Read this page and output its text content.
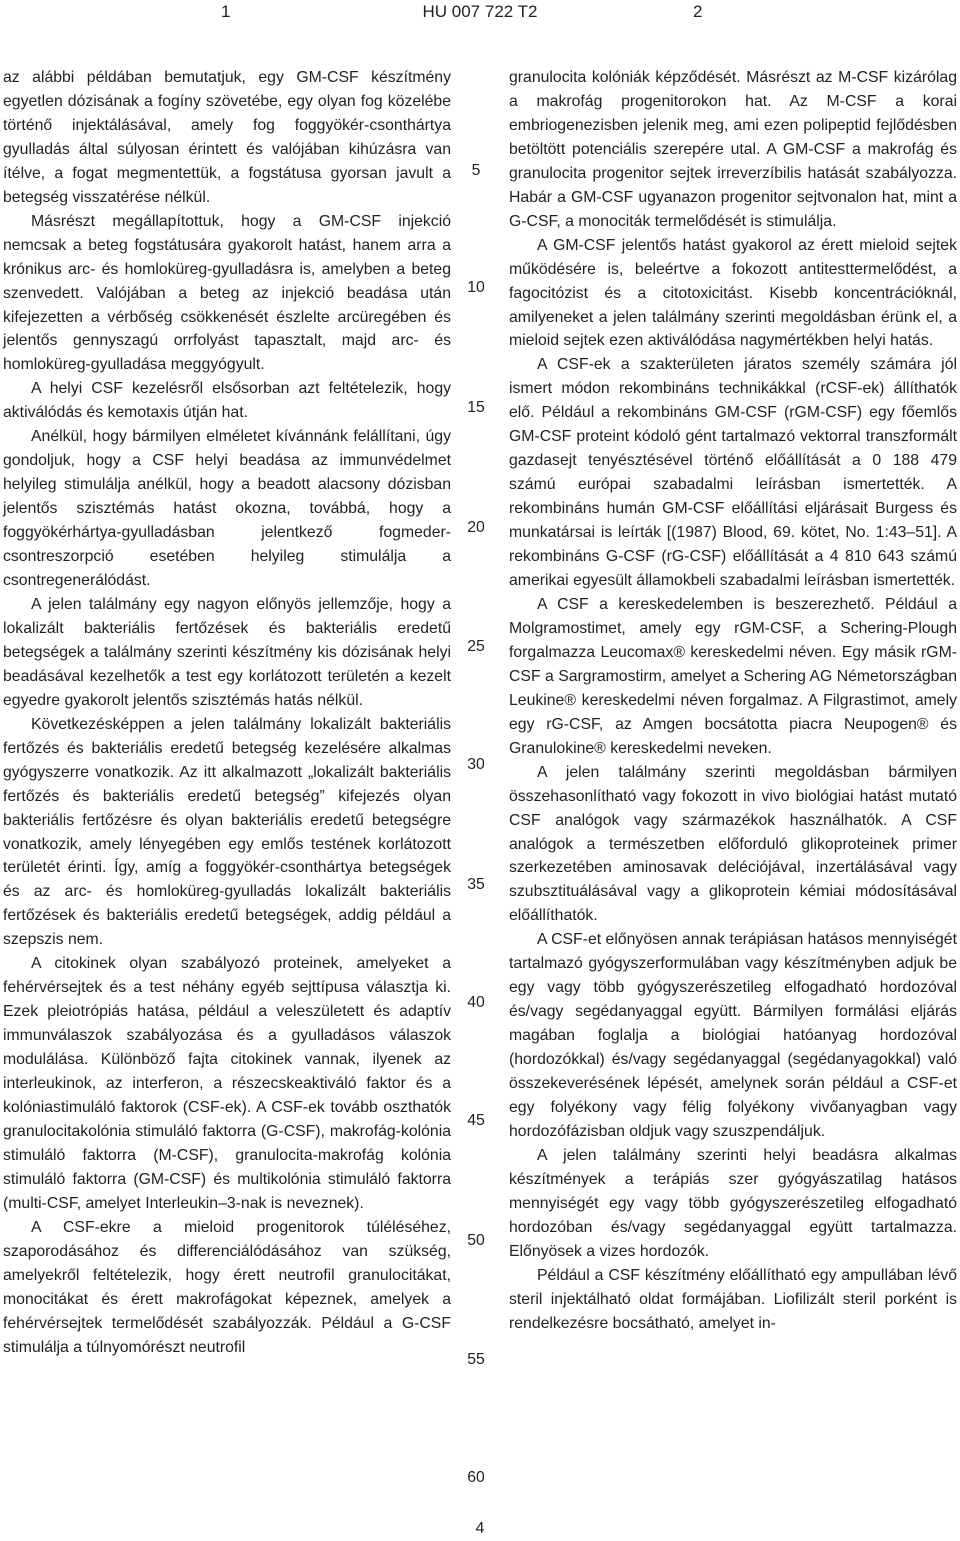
1	HU 007 722 T2	2

az alábbi példában bemutatjuk, egy GM-CSF készítmény egyetlen dózisának a fogíny szövetébe, egy olyan fog közelébe történő injektálásával, amely fog foggyökér-csonthártya gyulladás által súlyosan érintett és valójában kihúzásra van ítélve, a fogat megmentettük, a fogstátusa gyorsan javult a betegség visszatérése nélkül.

Másrészt megállapítottuk, hogy a GM-CSF injekció nemcsak a beteg fogstátusára gyakorolt hatást, hanem arra a krónikus arc- és homloküreg-gyulladásra is, amelyben a beteg szenvedett. Valójában a beteg az injekció beadása után kifejezetten a vérbőség csökkenését észlelte arcüregében és jelentős gennyszagú orrfolyást tapasztalt, majd arc- és homloküreg-gyulladása meggyógyult.

A helyi CSF kezelésről elsősorban azt feltételezik, hogy aktiválódás és kemotaxis útján hat.

Anélkül, hogy bármilyen elméletet kívánnánk felállítani, úgy gondoljuk, hogy a CSF helyi beadása az immunvédelmet helyileg stimulálja anélkül, hogy a beadott alacsony dózisban jelentős szisztémás hatást okozna, továbbá, hogy a foggyökérhártya-gyulladásban jelentkező fogmeder-csontreszorpció esetében helyileg stimulálja a csontregenerálódást.

A jelen találmány egy nagyon előnyös jellemzője, hogy a lokalizált bakteriális fertőzések és bakteriális eredetű betegségek a találmány szerinti készítmény kis dózisának helyi beadásával kezelhetők a test egy korlátozott területén a kezelt egyedre gyakorolt jelentős szisztémás hatás nélkül.

Következésképpen a jelen találmány lokalizált bakteriális fertőzés és bakteriális eredetű betegség kezelésére alkalmas gyógyszerre vonatkozik. Az itt alkalmazott „lokalizált bakteriális fertőzés és bakteriális eredetű betegség” kifejezés olyan bakteriális fertőzésre és olyan bakteriális eredetű betegségre vonatkozik, amely lényegében egy emlős testének korlátozott területét érinti. Így, amíg a foggyökér-csonthártya betegségek és az arc- és homloküreg-gyulladás lokalizált bakteriális fertőzések és bakteriális eredetű betegségek, addig például a szepszis nem.

A citokinek olyan szabályozó proteinek, amelyeket a fehérvérsejtek és a test néhány egyéb sejttípusa választja ki. Ezek pleiotrópiás hatása, például a veleszületett és adaptív immunválaszok szabályozása és a gyulladásos válaszok modulálása. Különböző fajta citokinek vannak, ilyenek az interleukinok, az interferon, a részecskeaktiváló faktor és a kolóniastimuláló faktorok (CSF-ek). A CSF-ek tovább oszthatók granulocitakolónia stimuláló faktorra (G-CSF), makrofág-kolónia stimuláló faktorra (M-CSF), granulocita-makrofág kolónia stimuláló faktorra (GM-CSF) és multikolónia stimuláló faktorra (multi-CSF, amelyet Interleukin–3-nak is neveznek).

A CSF-ekre a mieloid progenitorok túléléséhez, szaporodásához és differenciálódásához van szükség, amelyekről feltételezik, hogy érett neutrofil granulocitákat, monocitákat és érett makrofágokat képeznek, amelyek a fehérvérsejtek termelődését szabályozzák. Például a G-CSF stimulálja a túlnyomórészt neutrofil

granulocita kolóniák képződését. Másrészt az M-CSF kizárólag a makrofág progenitorokon hat. Az M-CSF a korai embriogenezisben jelenik meg, ami ezen polipeptid fejlődésben betöltött potenciális szerepére utal. A GM-CSF a makrofág és granulocita progenitor sejtek irreverzíbilis hatását szabályozza. Habár a GM-CSF ugyanazon progenitor sejtvonalon hat, mint a G-CSF, a monociták termelődését is stimulálja.

A GM-CSF jelentős hatást gyakorol az érett mieloid sejtek működésére is, beleértve a fokozott antitesttermelődést, a fagocitózist és a citotoxicitást. Kisebb koncentrációknál, amilyeneket a jelen találmány szerinti megoldásban érünk el, a mieloid sejtek ezen aktiválódása nagymértékben helyi hatás.

A CSF-ek a szakterületen járatos személy számára jól ismert módon rekombináns technikákkal (rCSF-ek) állíthatók elő. Például a rekombináns GM-CSF (rGM-CSF) egy főemlős GM-CSF proteint kódoló gént tartalmazó vektorral transzformált gazdasejt tenyésztésével történő előállítását a 0 188 479 számú európai szabadalmi leírásban ismertették. A rekombináns humán GM-CSF előállítási eljárásait Burgess és munkatársai is leírták [(1987) Blood, 69. kötet, No. 1:43–51]. A rekombináns G-CSF (rG-CSF) előállítását a 4 810 643 számú amerikai egyesült államokbeli szabadalmi leírásban ismertették.

A CSF a kereskedelemben is beszerezhető. Például a Molgramostimet, amely egy rGM-CSF, a Schering-Plough forgalmazza Leucomax® kereskedelmi néven. Egy másik rGM-CSF a Sargramostirm, amelyet a Schering AG Németországban Leukine® kereskedelmi néven forgalmaz. A Filgrastimot, amely egy rG-CSF, az Amgen bocsátotta piacra Neupogen® és Granulokine® kereskedelmi neveken.

A jelen találmány szerinti megoldásban bármilyen összehasonlítható vagy fokozott in vivo biológiai hatást mutató CSF analógok vagy származékok használhatók. A CSF analógok a természetben előforduló glikoproteinek primer szerkezetében aminosavak deléciójával, inzertálásával vagy szubsztituálásával vagy a glikoprotein kémiai módosításával előállíthatók.

A CSF-et előnyösen annak terápiásan hatásos mennyiségét tartalmazó gyógyszerformulában vagy készítményben adjuk be egy vagy több gyógyszerészetileg elfogadható hordozóval és/vagy segédanyaggal együtt. Bármilyen formálási eljárás magában foglalja a biológiai hatóanyag hordozóval (hordozókkal) és/vagy segédanyaggal (segédanyagokkal) való összekeverésének lépését, amelynek során például a CSF-et egy folyékony vagy félig folyékony vivőanyagban vagy hordozófázisban oldjuk vagy szuszpendáljuk.

A jelen találmány szerinti helyi beadásra alkalmas készítmények a terápiás szer gyógyászatilag hatásos mennyiségét egy vagy több gyógyszerészetileg elfogadható hordozóban és/vagy segédanyaggal együtt tartalmazza. Előnyösek a vizes hordozók.

Például a CSF készítmény előállítható egy ampullában lévő steril injektálható oldat formájában. Liofilizált steril porként is rendelkezésre bocsátható, amelyet in-

5
10
15
20
25
30
35
40
45
50
55
60
4
